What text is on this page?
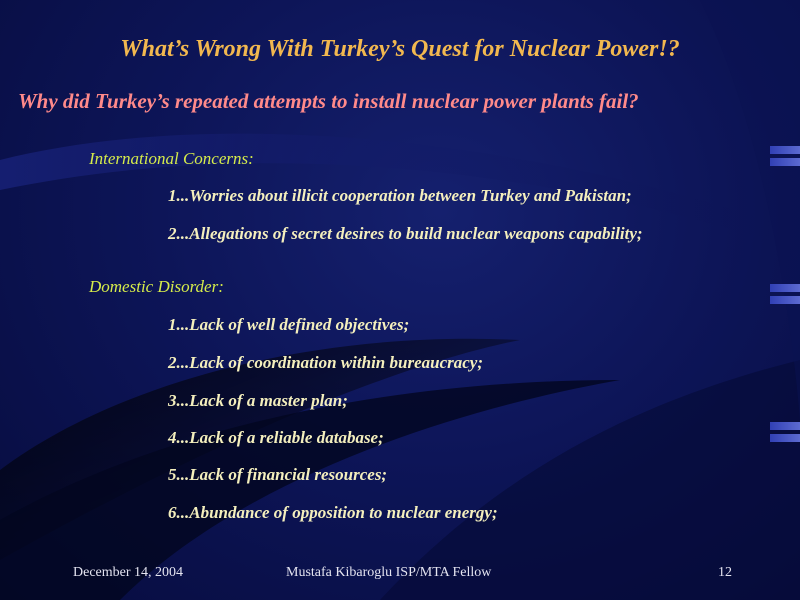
What’s Wrong With Turkey’s Quest for Nuclear Power!?
Why did Turkey’s repeated attempts to install nuclear power plants fail?
International Concerns:
1...Worries about illicit cooperation between Turkey and Pakistan;
2...Allegations of secret desires to build nuclear weapons capability;
Domestic Disorder:
1...Lack of well defined objectives;
2...Lack of coordination within bureaucracy;
3...Lack of a master plan;
4...Lack of a reliable database;
5...Lack of financial resources;
6...Abundance of opposition to nuclear energy;
December 14, 2004	Mustafa Kibaroglu ISP/MTA Fellow	12
